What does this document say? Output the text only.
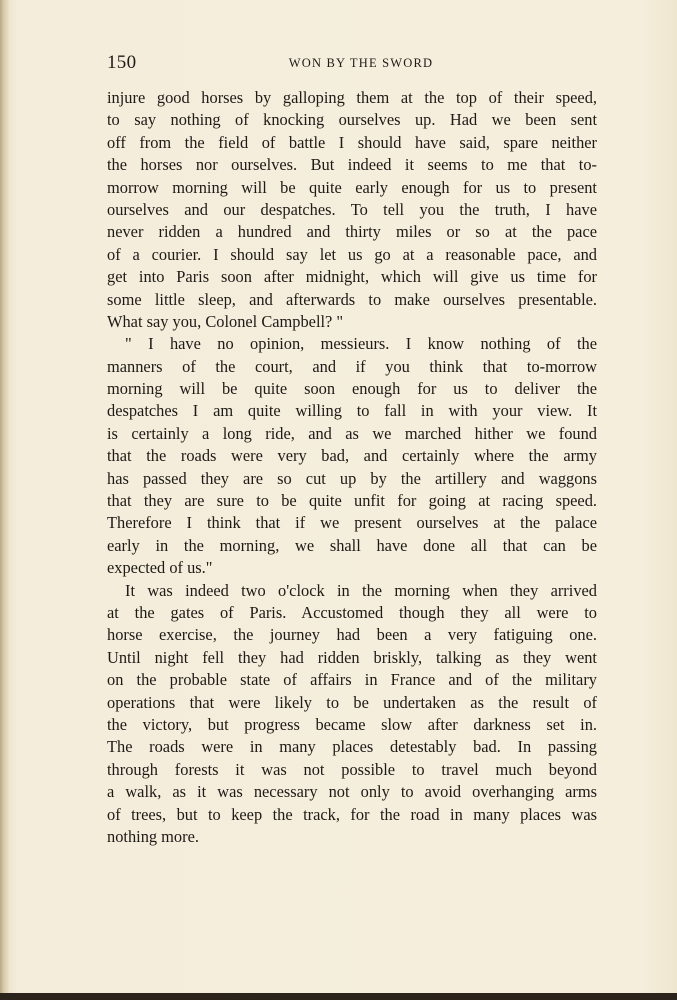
150	WON BY THE SWORD
injure good horses by galloping them at the top of their speed,
to say nothing of knocking ourselves up. Had we been sent
off from the field of battle I should have said, spare neither
the horses nor ourselves. But indeed it seems to me that to-
morrow morning will be quite early enough for us to present
ourselves and our despatches. To tell you the truth, I have
never ridden a hundred and thirty miles or so at the pace
of a courier. I should say let us go at a reasonable pace, and
get into Paris soon after midnight, which will give us time for
some little sleep, and afterwards to make ourselves presentable.
What say you, Colonel Campbell? "
" I have no opinion, messieurs. I know nothing of the
manners of the court, and if you think that to-morrow
morning will be quite soon enough for us to deliver the
despatches I am quite willing to fall in with your view. It
is certainly a long ride, and as we marched hither we found
that the roads were very bad, and certainly where the army
has passed they are so cut up by the artillery and waggons
that they are sure to be quite unfit for going at racing speed.
Therefore I think that if we present ourselves at the palace
early in the morning, we shall have done all that can be
expected of us."
It was indeed two o'clock in the morning when they arrived
at the gates of Paris. Accustomed though they all were to
horse exercise, the journey had been a very fatiguing one.
Until night fell they had ridden briskly, talking as they went
on the probable state of affairs in France and of the military
operations that were likely to be undertaken as the result of
the victory, but progress became slow after darkness set in.
The roads were in many places detestably bad. In passing
through forests it was not possible to travel much beyond
a walk, as it was necessary not only to avoid overhanging arms
of trees, but to keep the track, for the road in many places was
nothing more.
